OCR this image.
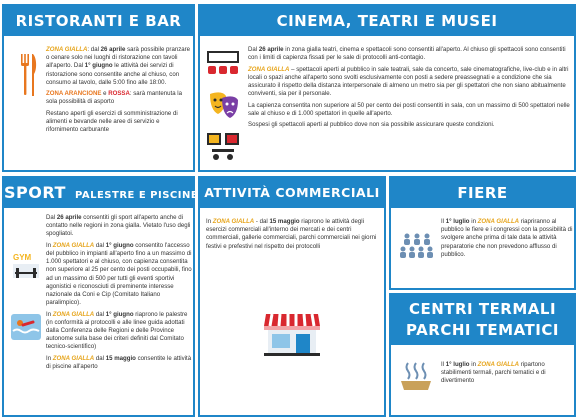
RISTORANTI E BAR

ZONA GIALLA: dal 26 aprile sarà possibile pranzare o cenare solo nei luoghi di ristorazione con tavoli all'aperto. Dal 1° giugno le attività dei servizi di ristorazione sono consentite anche al chiuso, con consumo al tavolo, dalle 5:00 fino alle 18:00.

ZONA ARANCIONE e ROSSA: sarà mantenuta la sola possibilità di asporto

Restano aperti gli esercizi di somministrazione di alimenti e bevande nelle aree di servizio e rifornimento carburante

CINEMA, TEATRI E MUSEI

Dal 26 aprile in zona gialla teatri, cinema e spettacoli sono consentiti all'aperto. Al chiuso gli spettacoli sono consentiti con i limiti di capienza fissati per le sale di protocolli anti-contagio.

ZONA GIALLA – spettacoli aperti al pubblico in sale teatrali, sale da concerto, sale cinematografiche, live-club e in altri locali o spazi anche all'aperto sono svolti esclusivamente con posti a sedere preassegnati e a condizione che sia assicurato il rispetto della distanza interpersonale di almeno un metro sia per gli spettatori che non siano abitualmente conviventi, sia per il personale.

La capienza consentita non superiore al 50 per cento dei posti consentiti in sala, con un massimo di 500 spettatori nelle sale al chiuso e di 1.000 spettatori in quelle all'aperto.

Sospesi gli spettacoli aperti al pubblico dove non sia possibile assicurare queste condizioni.

SPORT PALESTRE E PISCINE
GYM

Dal 26 aprile consentiti gli sport all'aperto anche di contatto nelle regioni in zona gialla. Vietato l'uso degli spogliatoi.

In ZONA GIALLA dal 1° giugno consentito l'accesso del pubblico in impianti all'aperto fino a un massimo di 1.000 spettatori e al chiuso, con capienza consentita non superiore al 25 per cento dei posti occupabili, fino ad un massimo di 500 per tutti gli eventi sportivi agonistici e riconosciuti di preminente interesse nazionale da Coni e Cip (Comitato Italiano paralimpico).

In ZONA GIALLA dal 1° giugno riaprono le palestre (in conformità ai protocolli e alle linee guida adottati dalla Conferenza delle Regioni e delle Province autonome sulla base dei criteri definiti dal Comitato tecnico-scientifico)

In ZONA GIALLA dal 15 maggio consentite le attività di piscine all'aperto

ATTIVITÀ COMMERCIALI

In ZONA GIALLA - dal 15 maggio riaprono le attività degli esercizi commerciali all'interno dei mercati e dei centri commerciali, gallerie commerciali, parchi commerciali nei giorni festivi e prefestivi nel rispetto dei protocolli

FIERE

Il 1° luglio in ZONA GIALLA riapriranno al pubblico le fiere e i congressi con la possibilità di svolgere anche prima di tale data le attività preparatorie che non prevedono afflusso di pubblico.

CENTRI TERMALI
PARCHI TEMATICI

Il 1° luglio in ZONA GIALLA ripartono stabilimenti termali, parchi tematici e di divertimento
